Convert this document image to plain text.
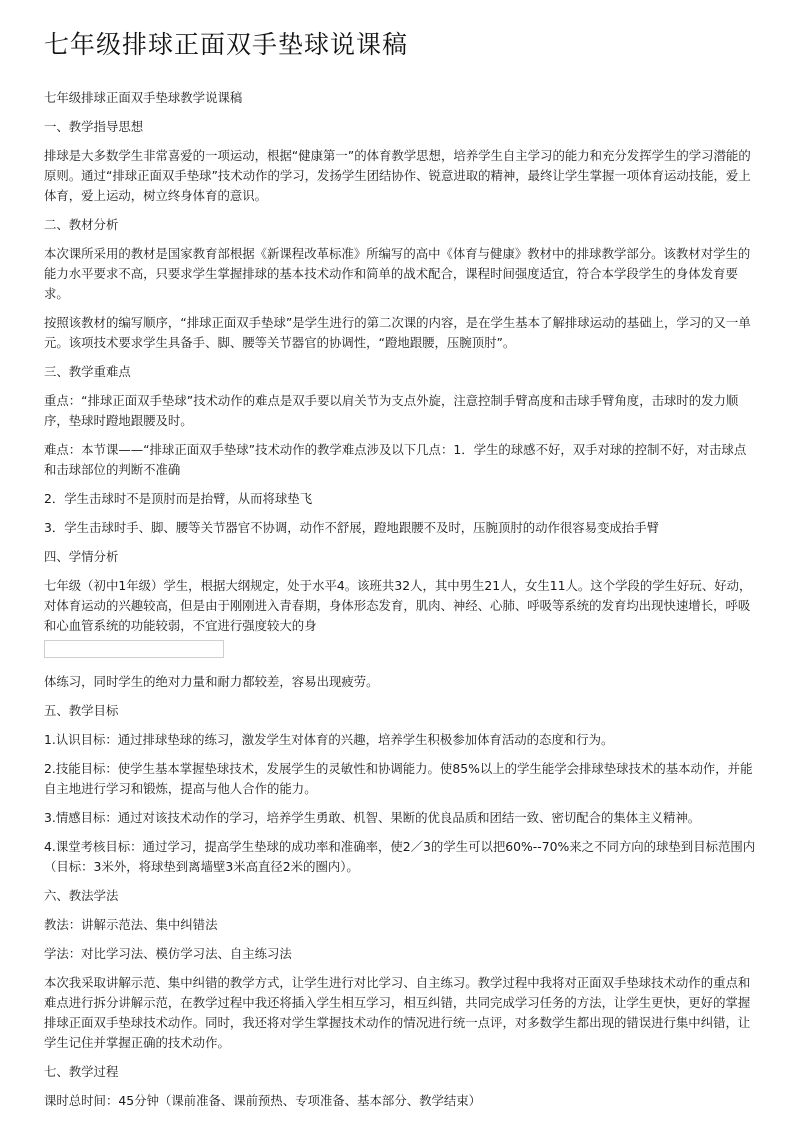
七年级排球正面双手垫球说课稿

七年级排球正面双手垫球教学说课稿

一、教学指导思想

排球是大多数学生非常喜爱的一项运动，根据“健康第一”的体育教学思想，培养学生自主学习的能力和充分发挥学生的学习潜能的原则。通过“排球正面双手垫球”技术动作的学习，发扬学生团结协作、锐意进取的精神，最终让学生掌握一项体育运动技能，爱上体育，爱上运动，树立终身体育的意识。

二、教材分析

本次课所采用的教材是国家教育部根据《新课程改革标准》所编写的高中《体育与健康》教材中的排球教学部分。该教材对学生的能力水平要求不高，只要求学生掌握排球的基本技术动作和简单的战术配合，课程时间强度适宜，符合本学段学生的身体发育要求。

按照该教材的编写顺序，“排球正面双手垫球”是学生进行的第二次课的内容，是在学生基本了解排球运动的基础上，学习的又一单元。该项技术要求学生具备手、脚、腰等关节器官的协调性，“蹬地跟腰，压腕顶肘”。

三、教学重难点

重点：“排球正面双手垫球”技术动作的难点是双手要以肩关节为支点外旋，注意控制手臂高度和击球手臂角度，击球时的发力顺序，垫球时蹬地跟腰及时。

难点：本节课——“排球正面双手垫球”技术动作的教学难点涉及以下几点：1．学生的球感不好，双手对球的控制不好，对击球点和击球部位的判断不准确

2．学生击球时不是顶肘而是抬臂，从而将球垫飞

3．学生击球时手、脚、腰等关节器官不协调，动作不舒展，蹬地跟腰不及时，压腕顶肘的动作很容易变成抬手臂

四、学情分析

七年级（初中1年级）学生，根据大纲规定，处于水平4。该班共32人，其中男生21人，女生11人。这个学段的学生好玩、好动，对体育运动的兴趣较高，但是由于刚刚进入青春期，身体形态发育，肌肉、神经、心肺、呼吸等系统的发育均出现快速增长，呼吸和心血管系统的功能较弱，不宜进行强度较大的身

体练习，同时学生的绝对力量和耐力都较差，容易出现疲劳。

五、教学目标

1.认识目标：通过排球垫球的练习，激发学生对体育的兴趣，培养学生积极参加体育活动的态度和行为。

2.技能目标：使学生基本掌握垫球技术，发展学生的灵敏性和协调能力。使85%以上的学生能学会排球垫球技术的基本动作，并能自主地进行学习和锻炼，提高与他人合作的能力。

3.情感目标：通过对该技术动作的学习，培养学生勇敢、机智、果断的优良品质和团结一致、密切配合的集体主义精神。

4.课堂考核目标：通过学习，提高学生垫球的成功率和准确率，使2／3的学生可以把60%--70%来之不同方向的球垫到目标范围内（目标：3米外，将球垫到离墙壁3米高直径2米的圈内）。

六、教法学法

教法：讲解示范法、集中纠错法

学法：对比学习法、模仿学习法、自主练习法

本次我采取讲解示范、集中纠错的教学方式，让学生进行对比学习、自主练习。教学过程中我将对正面双手垫球技术动作的重点和难点进行拆分讲解示范，在教学过程中我还将插入学生相互学习，相互纠错，共同完成学习任务的方法，让学生更快，更好的掌握排球正面双手垫球技术动作。同时，我还将对学生掌握技术动作的情况进行统一点评，对多数学生都出现的错误进行集中纠错，让学生记住并掌握正确的技术动作。

七、教学过程

课时总时间：45分钟（课前准备、课前预热、专项准备、基本部分、教学结束）
